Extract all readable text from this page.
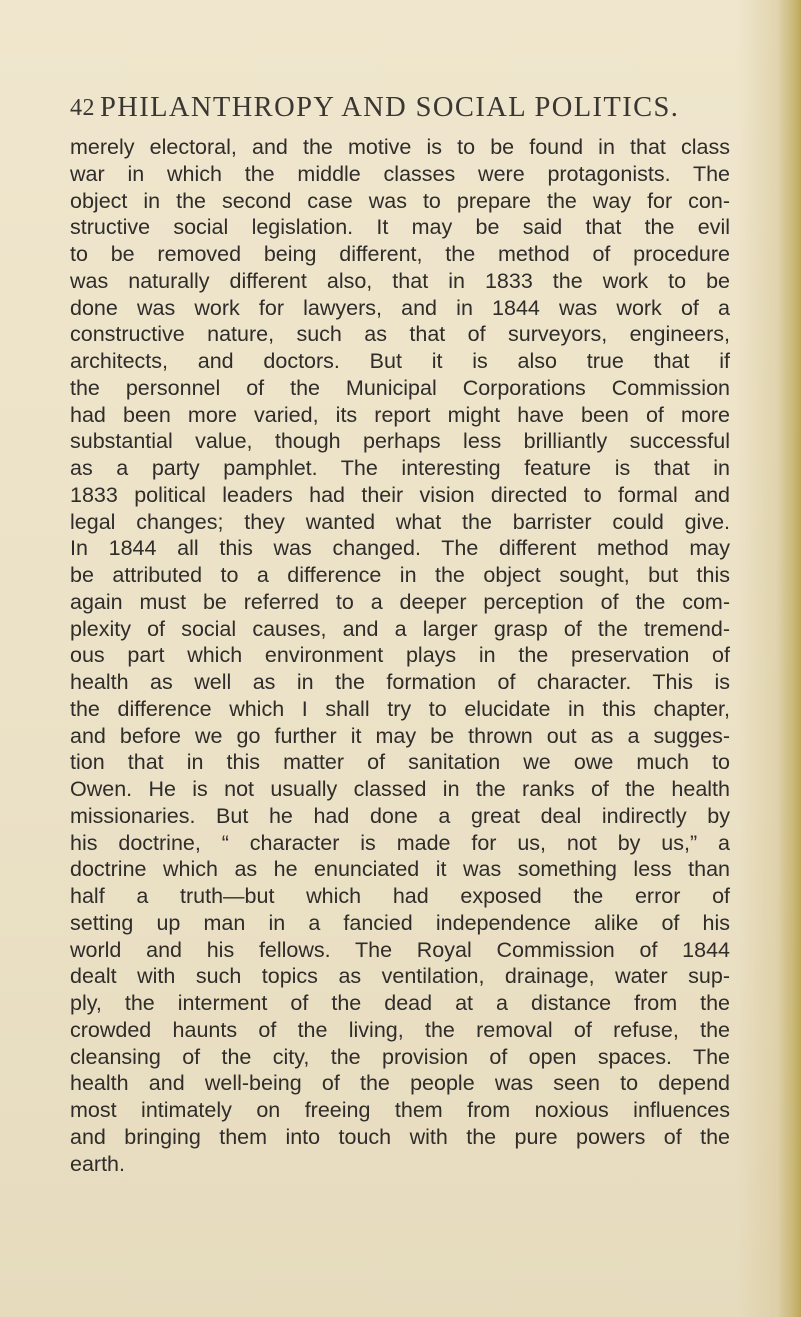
42 PHILANTHROPY AND SOCIAL POLITICS.
merely electoral, and the motive is to be found in that class
war in which the middle classes were protagonists. The
object in the second case was to prepare the way for con-
structive social legislation. It may be said that the evil
to be removed being different, the method of procedure
was naturally different also, that in 1833 the work to be
done was work for lawyers, and in 1844 was work of a
constructive nature, such as that of surveyors, engineers,
architects, and doctors. But it is also true that if
the personnel of the Municipal Corporations Commission
had been more varied, its report might have been of more
substantial value, though perhaps less brilliantly successful
as a party pamphlet. The interesting feature is that in
1833 political leaders had their vision directed to formal and
legal changes; they wanted what the barrister could give.
In 1844 all this was changed. The different method may
be attributed to a difference in the object sought, but this
again must be referred to a deeper perception of the com-
plexity of social causes, and a larger grasp of the tremend-
ous part which environment plays in the preservation of
health as well as in the formation of character. This is
the difference which I shall try to elucidate in this chapter,
and before we go further it may be thrown out as a sugges-
tion that in this matter of sanitation we owe much to
Owen. He is not usually classed in the ranks of the health
missionaries. But he had done a great deal indirectly by
his doctrine, “ character is made for us, not by us,” a
doctrine which as he enunciated it was something less than
half a truth—but which had exposed the error of
setting up man in a fancied independence alike of his
world and his fellows. The Royal Commission of 1844
dealt with such topics as ventilation, drainage, water sup-
ply, the interment of the dead at a distance from the
crowded haunts of the living, the removal of refuse, the
cleansing of the city, the provision of open spaces. The
health and well-being of the people was seen to depend
most intimately on freeing them from noxious influences
and bringing them into touch with the pure powers of the
earth.
